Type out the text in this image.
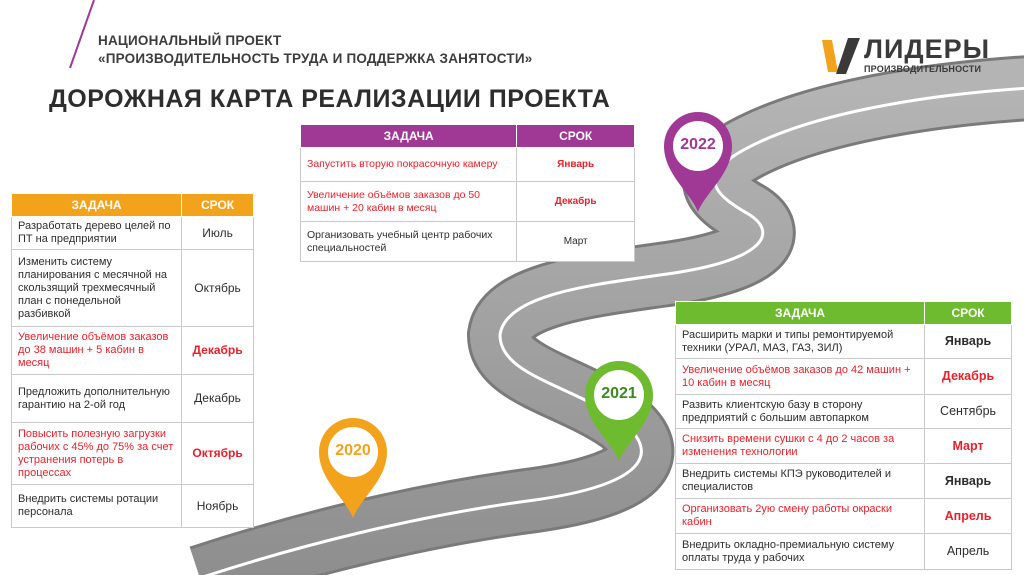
НАЦИОНАЛЬНЫЙ ПРОЕКТ
«ПРОИЗВОДИТЕЛЬНОСТЬ ТРУДА И ПОДДЕРЖКА ЗАНЯТОСТИ»
ДОРОЖНАЯ КАРТА РЕАЛИЗАЦИИ ПРОЕКТА
ЛИДЕРЫ
ПРОИЗВОДИТЕЛЬНОСТИ
2022
2021
2020
ЗАДАЧА	СРОК
Разработать дерево целей по ПТ на предприятии	Июль
Изменить систему планирования с месячной на скользящий трехмесячный план с понедельной разбивкой	Октябрь
Увеличение объёмов заказов до 38 машин + 5 кабин в месяц	Декабрь
Предложить дополнительную гарантию на 2-ой год	Декабрь
Повысить полезную загрузки рабочих с 45% до 75% за счет устранения потерь в процессах	Октябрь
Внедрить системы ротации персонала	Ноябрь
ЗАДАЧА	СРОК
Запустить вторую покрасочную камеру	Январь
Увеличение объёмов заказов до 50 машин + 20 кабин в месяц	Декабрь
Организовать учебный центр рабочих специальностей	Март
ЗАДАЧА	СРОК
Расширить марки и типы ремонтируемой техники (УРАЛ, МАЗ, ГАЗ, ЗИЛ)	Январь
Увеличение объёмов заказов до 42 машин + 10 кабин в месяц	Декабрь
Развить клиентскую базу в сторону предприятий с большим автопарком	Сентябрь
Снизить времени сушки с 4 до 2 часов за изменения технологии	Март
Внедрить системы КПЭ руководителей и специалистов	Январь
Организовать 2ую смену работы окраски кабин	Апрель
Внедрить окладно-премиальную систему оплаты труда у рабочих	Апрель
